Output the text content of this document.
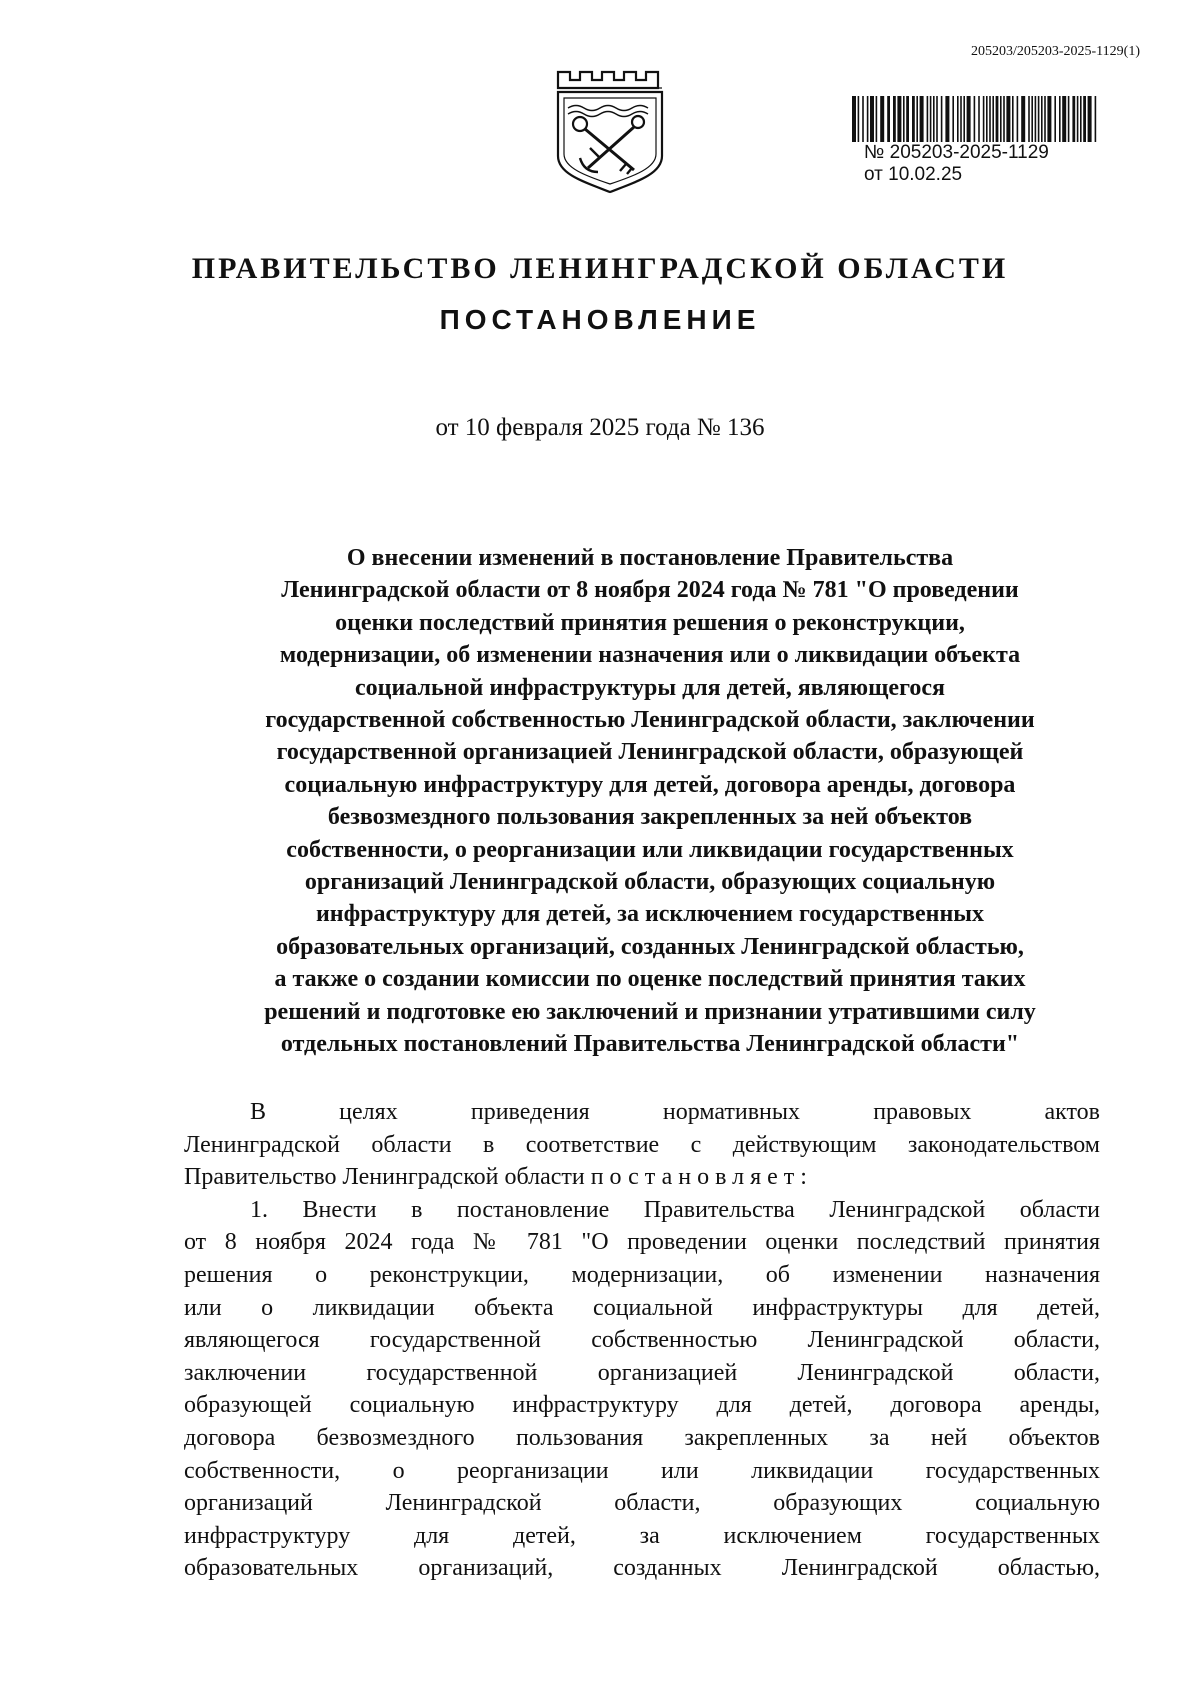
205203/205203-2025-1129(1)
№ 205203-2025-1129
от 10.02.25
ПРАВИТЕЛЬСТВО ЛЕНИНГРАДСКОЙ ОБЛАСТИ
ПОСТАНОВЛЕНИЕ
от 10 февраля 2025 года № 136
О внесении изменений в постановление Правительства
Ленинградской области от 8 ноября 2024 года № 781 "О проведении
оценки последствий принятия решения о реконструкции,
модернизации, об изменении назначения или о ликвидации объекта
социальной инфраструктуры для детей, являющегося
государственной собственностью Ленинградской области, заключении
государственной организацией Ленинградской области, образующей
социальную инфраструктуру для детей, договора аренды, договора
безвозмездного пользования закрепленных за ней объектов
собственности, о реорганизации или ликвидации государственных
организаций Ленинградской области, образующих социальную
инфраструктуру для детей, за исключением государственных
образовательных организаций, созданных Ленинградской областью,
а также о создании комиссии по оценке последствий принятия таких
решений и подготовке ею заключений и признании утратившими силу
отдельных постановлений Правительства Ленинградской области"
В целях приведения нормативных правовых актов
Ленинградской области в соответствие с действующим законодательством
Правительство Ленинградской области постановляет:
1. Внести в постановление Правительства Ленинградской области
от 8 ноября 2024 года № 781 "О проведении оценки последствий принятия
решения о реконструкции, модернизации, об изменении назначения
или о ликвидации объекта социальной инфраструктуры для детей,
являющегося государственной собственностью Ленинградской области,
заключении государственной организацией Ленинградской области,
образующей социальную инфраструктуру для детей, договора аренды,
договора безвозмездного пользования закрепленных за ней объектов
собственности, о реорганизации или ликвидации государственных
организаций Ленинградской области, образующих социальную
инфраструктуру для детей, за исключением государственных
образовательных организаций, созданных Ленинградской областью,
